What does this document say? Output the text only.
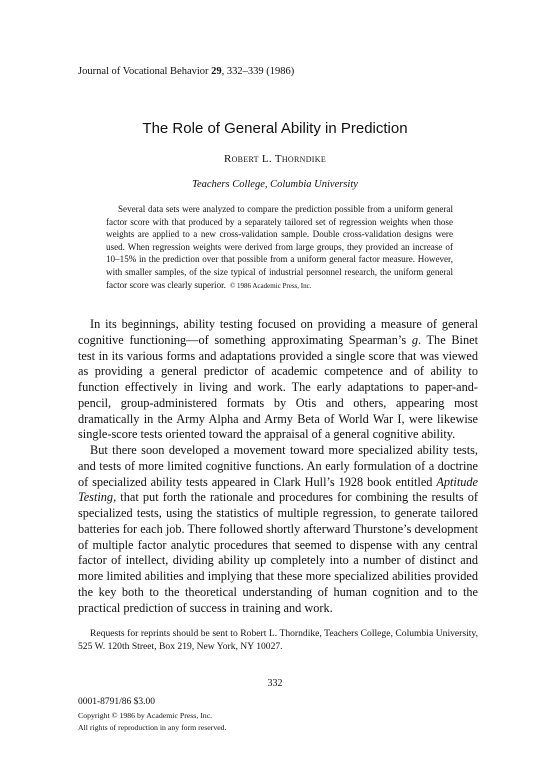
Journal of Vocational Behavior 29, 332–339 (1986)
The Role of General Ability in Prediction
Robert L. Thorndike
Teachers College, Columbia University
Several data sets were analyzed to compare the prediction possible from a uniform general factor score with that produced by a separately tailored set of regression weights when those weights are applied to a new cross-validation sample. Double cross-validation designs were used. When regression weights were derived from large groups, they provided an increase of 10–15% in the prediction over that possible from a uniform general factor measure. However, with smaller samples, of the size typical of industrial personnel research, the uniform general factor score was clearly superior. © 1986 Academic Press, Inc.

In its beginnings, ability testing focused on providing a measure of general cognitive functioning—of something approximating Spearman’s g. The Binet test in its various forms and adaptations provided a single score that was viewed as providing a general predictor of academic competence and of ability to function effectively in living and work. The early adaptations to paper-and-pencil, group-administered formats by Otis and others, appearing most dramatically in the Army Alpha and Army Beta of World War I, were likewise single-score tests oriented toward the appraisal of a general cognitive ability.

But there soon developed a movement toward more specialized ability tests, and tests of more limited cognitive functions. An early formulation of a doctrine of specialized ability tests appeared in Clark Hull’s 1928 book entitled Aptitude Testing, that put forth the rationale and procedures for combining the results of specialized tests, using the statistics of multiple regression, to generate tailored batteries for each job. There followed shortly afterward Thurstone’s development of multiple factor analytic procedures that seemed to dispense with any central factor of intellect, dividing ability up completely into a number of distinct and more limited abilities and implying that these more specialized abilities provided the key both to the theoretical understanding of human cognition and to the practical prediction of success in training and work.

Requests for reprints should be sent to Robert L. Thorndike, Teachers College, Columbia University, 525 W. 120th Street, Box 219, New York, NY 10027.
332
0001-8791/86 $3.00
Copyright © 1986 by Academic Press, Inc.
All rights of reproduction in any form reserved.
